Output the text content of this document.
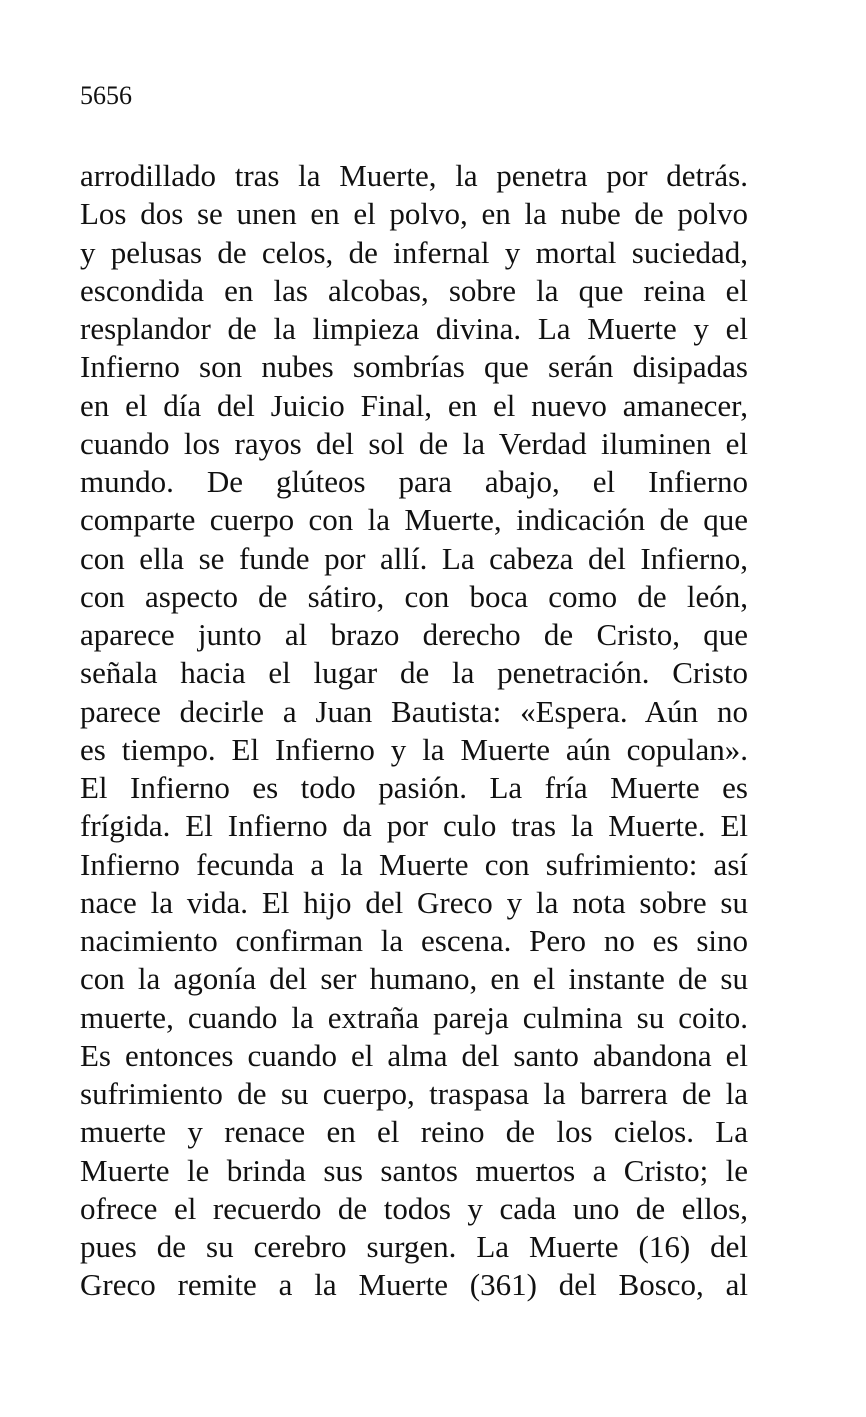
5656
arrodillado tras la Muerte, la penetra por detrás.
Los dos se unen en el polvo, en la nube de polvo
y pelusas de celos, de infernal y mortal suciedad,
escondida en las alcobas, sobre la que reina el
resplandor de la limpieza divina. La Muerte y el
Infierno son nubes sombrías que serán disipadas
en el día del Juicio Final, en el nuevo amanecer,
cuando los rayos del sol de la Verdad iluminen el
mundo. De glúteos para abajo, el Infierno
comparte cuerpo con la Muerte, indicación de que
con ella se funde por allí. La cabeza del Infierno,
con aspecto de sátiro, con boca como de león,
aparece junto al brazo derecho de Cristo, que
señala hacia el lugar de la penetración. Cristo
parece decirle a Juan Bautista: «Espera. Aún no
es tiempo. El Infierno y la Muerte aún copulan».
El Infierno es todo pasión. La fría Muerte es
frígida. El Infierno da por culo tras la Muerte. El
Infierno fecunda a la Muerte con sufrimiento: así
nace la vida. El hijo del Greco y la nota sobre su
nacimiento confirman la escena. Pero no es sino
con la agonía del ser humano, en el instante de su
muerte, cuando la extraña pareja culmina su coito.
Es entonces cuando el alma del santo abandona el
sufrimiento de su cuerpo, traspasa la barrera de la
muerte y renace en el reino de los cielos. La
Muerte le brinda sus santos muertos a Cristo; le
ofrece el recuerdo de todos y cada uno de ellos,
pues de su cerebro surgen. La Muerte (16) del
Greco remite a la Muerte (361) del Bosco, al
